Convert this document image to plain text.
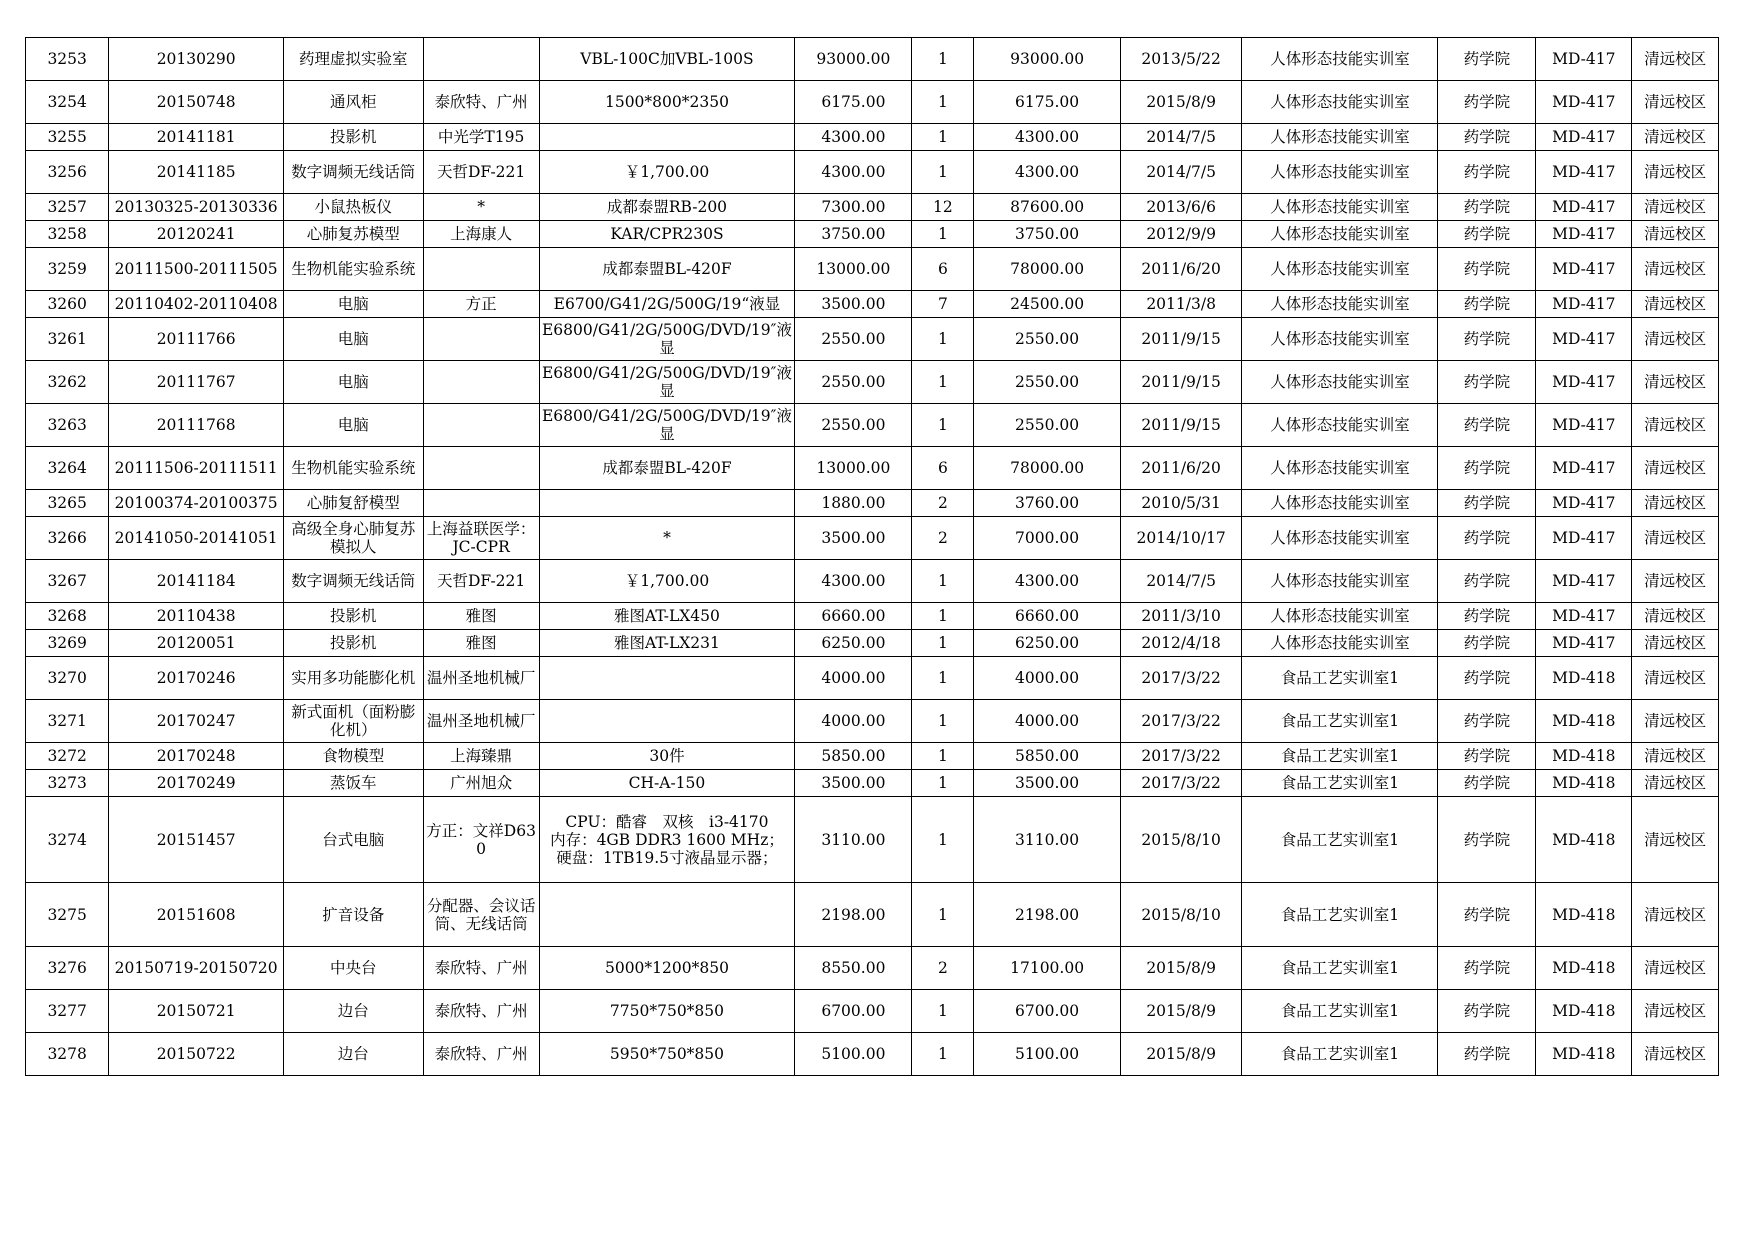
3253	20130290	药理虚拟实验室		VBL-100C加VBL-100S	93000.00	1	93000.00	2013/5/22	人体形态技能实训室	药学院	MD-417	清远校区
3254	20150748	通风柜	泰欣特、广州	1500*800*2350	6175.00	1	6175.00	2015/8/9	人体形态技能实训室	药学院	MD-417	清远校区
3255	20141181	投影机	中光学T195		4300.00	1	4300.00	2014/7/5	人体形态技能实训室	药学院	MD-417	清远校区
3256	20141185	数字调频无线话筒	天哲DF-221	￥1,700.00	4300.00	1	4300.00	2014/7/5	人体形态技能实训室	药学院	MD-417	清远校区
3257	20130325-20130336	小鼠热板仪	*	成都泰盟RB-200	7300.00	12	87600.00	2013/6/6	人体形态技能实训室	药学院	MD-417	清远校区
3258	20120241	心肺复苏模型	上海康人	KAR/CPR230S	3750.00	1	3750.00	2012/9/9	人体形态技能实训室	药学院	MD-417	清远校区
3259	20111500-20111505	生物机能实验系统		成都泰盟BL-420F	13000.00	6	78000.00	2011/6/20	人体形态技能实训室	药学院	MD-417	清远校区
3260	20110402-20110408	电脑	方正	E6700/G41/2G/500G/19“液显	3500.00	7	24500.00	2011/3/8	人体形态技能实训室	药学院	MD-417	清远校区
3261	20111766	电脑		E6800/G41/2G/500G/DVD/19″液显	2550.00	1	2550.00	2011/9/15	人体形态技能实训室	药学院	MD-417	清远校区
3262	20111767	电脑		E6800/G41/2G/500G/DVD/19″液显	2550.00	1	2550.00	2011/9/15	人体形态技能实训室	药学院	MD-417	清远校区
3263	20111768	电脑		E6800/G41/2G/500G/DVD/19″液显	2550.00	1	2550.00	2011/9/15	人体形态技能实训室	药学院	MD-417	清远校区
3264	20111506-20111511	生物机能实验系统		成都泰盟BL-420F	13000.00	6	78000.00	2011/6/20	人体形态技能实训室	药学院	MD-417	清远校区
3265	20100374-20100375	心肺复舒模型			1880.00	2	3760.00	2010/5/31	人体形态技能实训室	药学院	MD-417	清远校区
3266	20141050-20141051	高级全身心肺复苏模拟人	上海益联医学：JC-CPR	*	3500.00	2	7000.00	2014/10/17	人体形态技能实训室	药学院	MD-417	清远校区
3267	20141184	数字调频无线话筒	天哲DF-221	￥1,700.00	4300.00	1	4300.00	2014/7/5	人体形态技能实训室	药学院	MD-417	清远校区
3268	20110438	投影机	雅图	雅图AT-LX450	6660.00	1	6660.00	2011/3/10	人体形态技能实训室	药学院	MD-417	清远校区
3269	20120051	投影机	雅图	雅图AT-LX231	6250.00	1	6250.00	2012/4/18	人体形态技能实训室	药学院	MD-417	清远校区
3270	20170246	实用多功能膨化机	温州圣地机械厂		4000.00	1	4000.00	2017/3/22	食品工艺实训室1	药学院	MD-418	清远校区
3271	20170247	新式面机（面粉膨化机）	温州圣地机械厂		4000.00	1	4000.00	2017/3/22	食品工艺实训室1	药学院	MD-418	清远校区
3272	20170248	食物模型	上海臻鼎	30件	5850.00	1	5850.00	2017/3/22	食品工艺实训室1	药学院	MD-418	清远校区
3273	20170249	蒸饭车	广州旭众	CH-A-150	3500.00	1	3500.00	2017/3/22	食品工艺实训室1	药学院	MD-418	清远校区
3274	20151457	台式电脑	方正：文祥D630	CPU：酷睿　双核　i3-4170
内存：4GB DDR3 1600 MHz；
硬盘：1TB19.5寸液晶显示器；	3110.00	1	3110.00	2015/8/10	食品工艺实训室1	药学院	MD-418	清远校区
3275	20151608	扩音设备	分配器、会议话筒、无线话筒		2198.00	1	2198.00	2015/8/10	食品工艺实训室1	药学院	MD-418	清远校区
3276	20150719-20150720	中央台	泰欣特、广州	5000*1200*850	8550.00	2	17100.00	2015/8/9	食品工艺实训室1	药学院	MD-418	清远校区
3277	20150721	边台	泰欣特、广州	7750*750*850	6700.00	1	6700.00	2015/8/9	食品工艺实训室1	药学院	MD-418	清远校区
3278	20150722	边台	泰欣特、广州	5950*750*850	5100.00	1	5100.00	2015/8/9	食品工艺实训室1	药学院	MD-418	清远校区
